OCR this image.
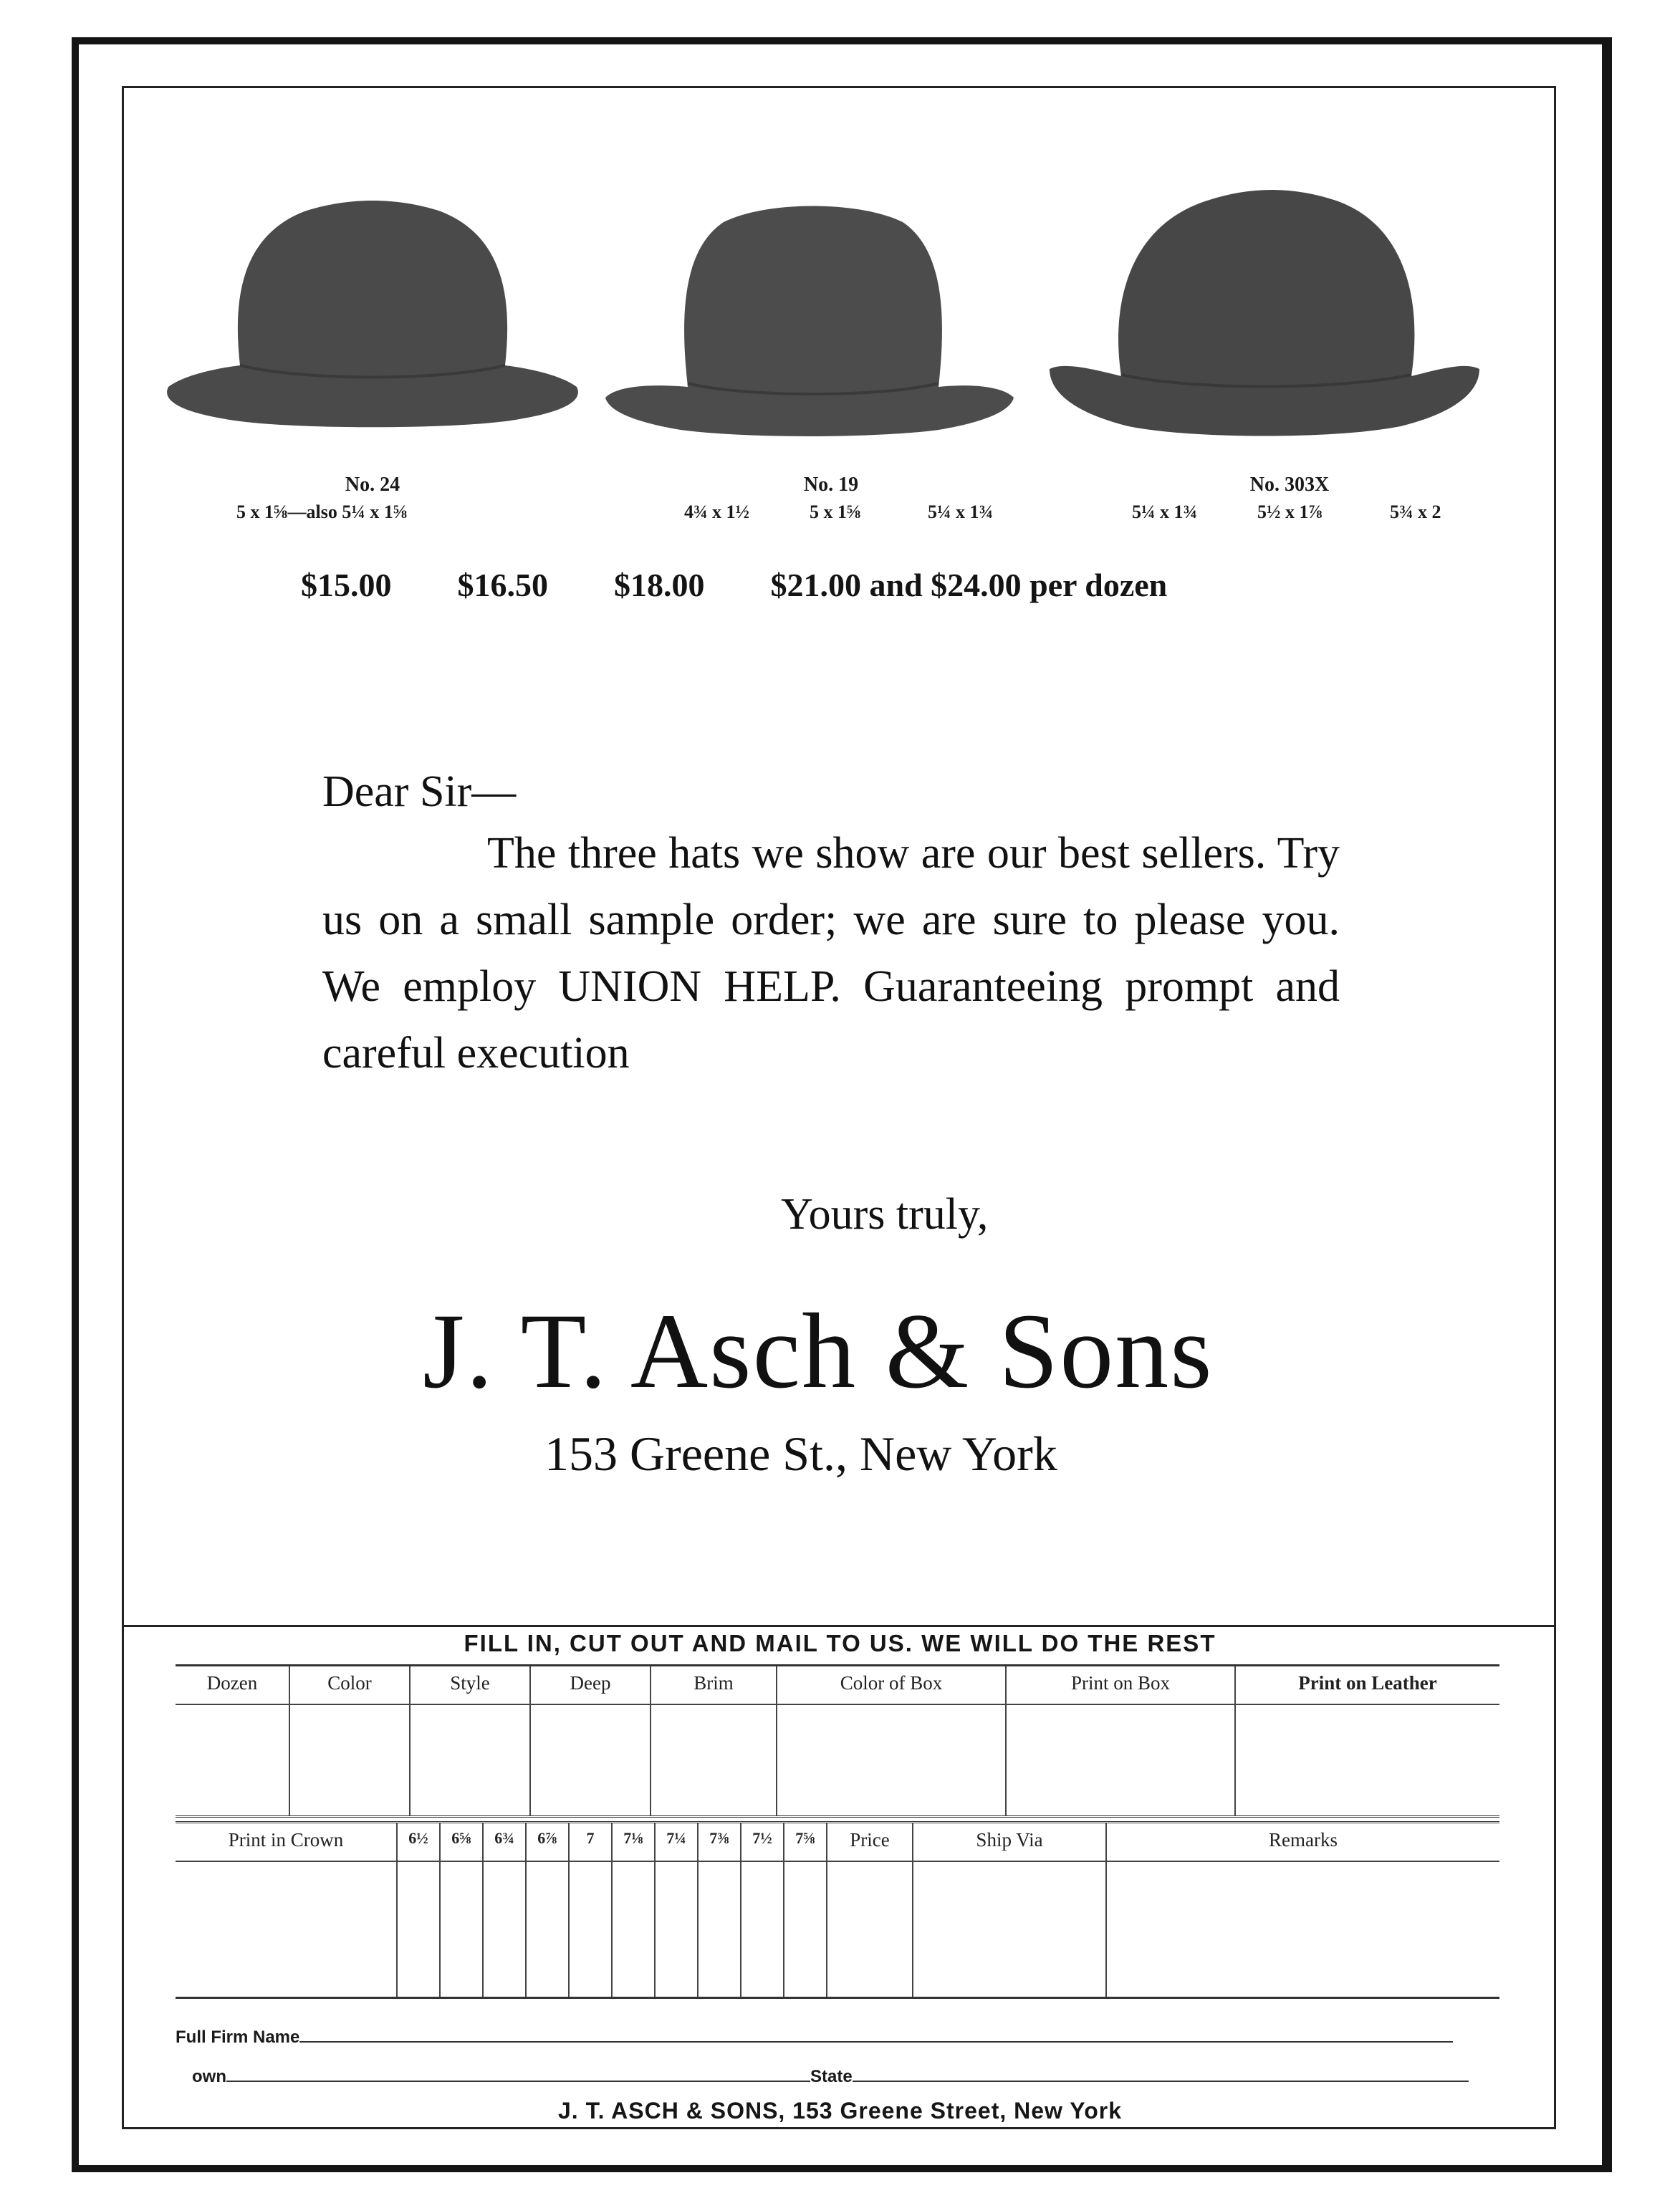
No. 24
5 x 1⅝—also 5¼ x 1⅝
No. 19
4¾ x 1½	5 x 1⅝	5¼ x 1¾
No. 303X
5¼ x 1¾	5½ x 1⅞	5¾ x 2
$15.00 $16.50 $18.00 $21.00 and $24.00 per dozen
Dear Sir—
The three hats we show are our best sellers. Try us on a small sample order; we are sure to please you. We employ UNION HELP. Guaranteeing prompt and careful execution
Yours truly,
J. T. Asch & Sons
153 Greene St., New York
FILL IN, CUT OUT AND MAIL TO US. WE WILL DO THE REST
Dozen	Color	Style	Deep	Brim	Color of Box	Print on Box	Print on Leather

Print in Crown	6½	6⅝	6¾	6⅞	7	7⅛	7¼	7⅜	7½	7⅝	Price	Ship Via	Remarks

Full Firm Name
own	State
J. T. ASCH & SONS, 153 Greene Street, New York
